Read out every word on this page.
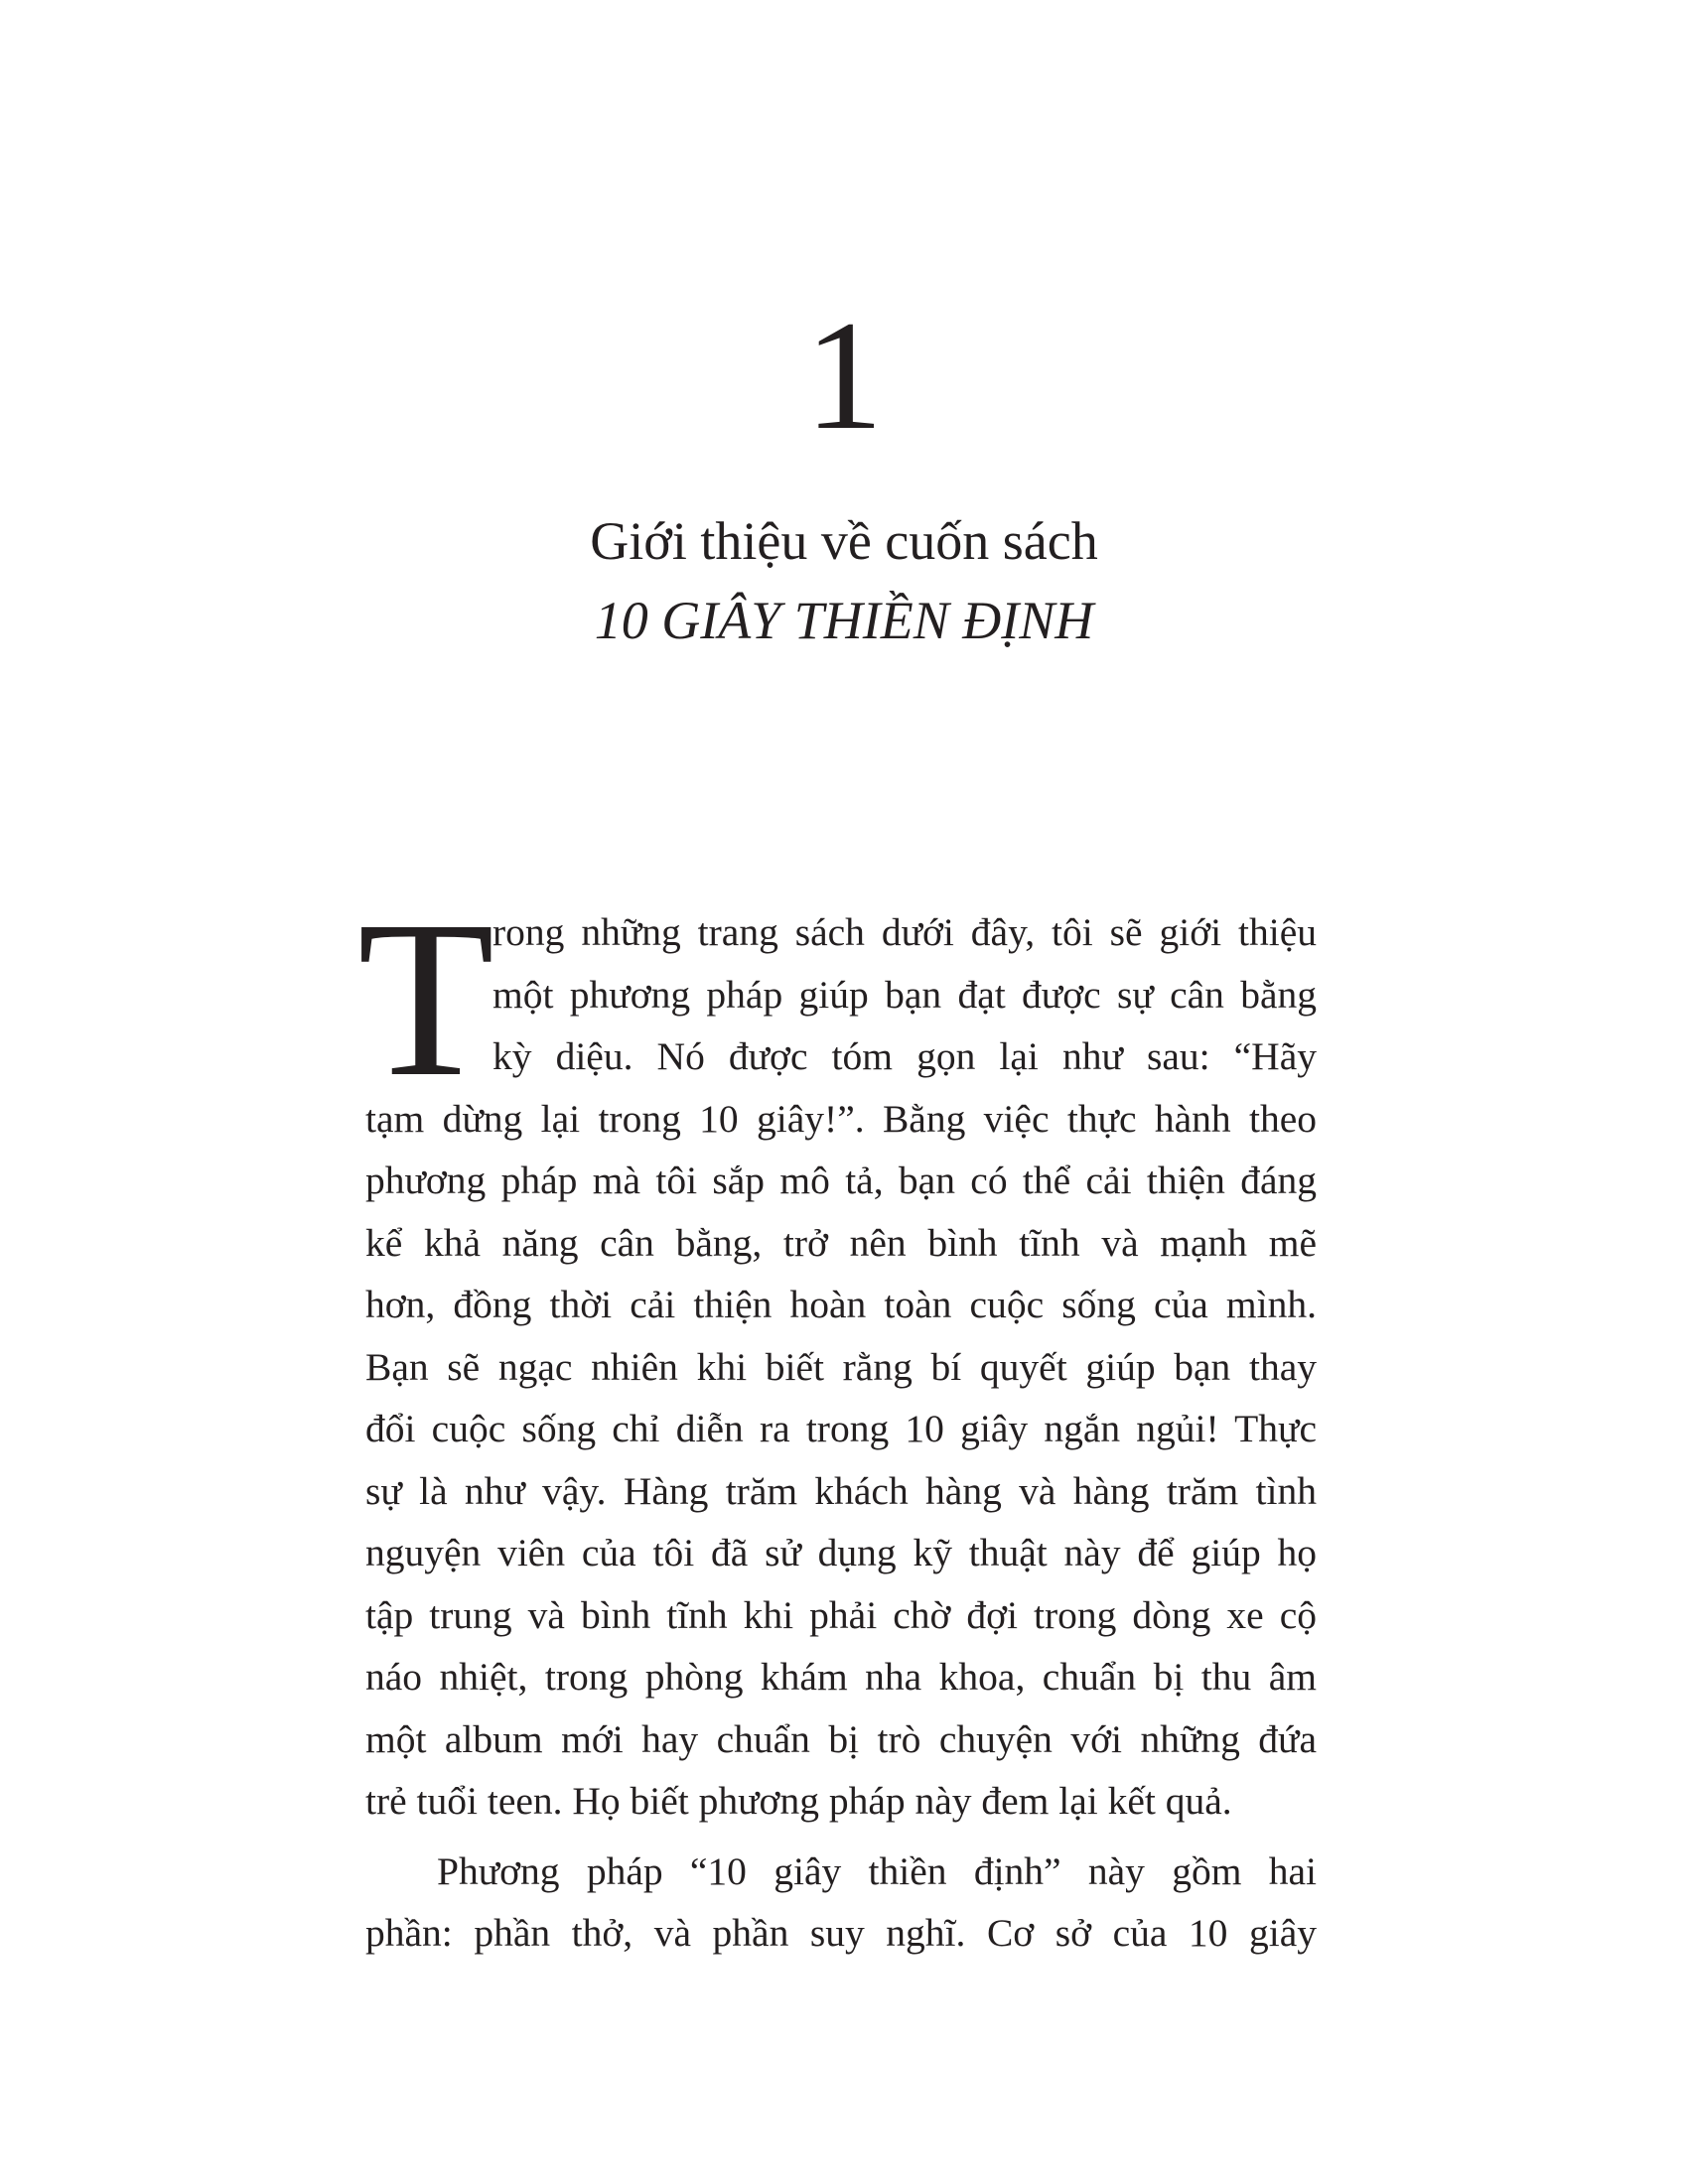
1
Giới thiệu về cuốn sách
10 GIÂY THIỀN ĐỊNH
T

rong những trang sách dưới đây, tôi sẽ giới thiệu
một phương pháp giúp bạn đạt được sự cân bằng
kỳ diệu. Nó được tóm gọn lại như sau: “Hãy
tạm dừng lại trong 10 giây!”. Bằng việc thực hành theo
phương pháp mà tôi sắp mô tả, bạn có thể cải thiện đáng
kể khả năng cân bằng, trở nên bình tĩnh và mạnh mẽ
hơn, đồng thời cải thiện hoàn toàn cuộc sống của mình.
Bạn sẽ ngạc nhiên khi biết rằng bí quyết giúp bạn thay
đổi cuộc sống chỉ diễn ra trong 10 giây ngắn ngủi! Thực
sự là như vậy. Hàng trăm khách hàng và hàng trăm tình
nguyện viên của tôi đã sử dụng kỹ thuật này để giúp họ
tập trung và bình tĩnh khi phải chờ đợi trong dòng xe cộ
náo nhiệt, trong phòng khám nha khoa, chuẩn bị thu âm
một album mới hay chuẩn bị trò chuyện với những đứa
trẻ tuổi teen. Họ biết phương pháp này đem lại kết quả.

Phương pháp “10 giây thiền định” này gồm hai
phần: phần thở, và phần suy nghĩ. Cơ sở của 10 giây
